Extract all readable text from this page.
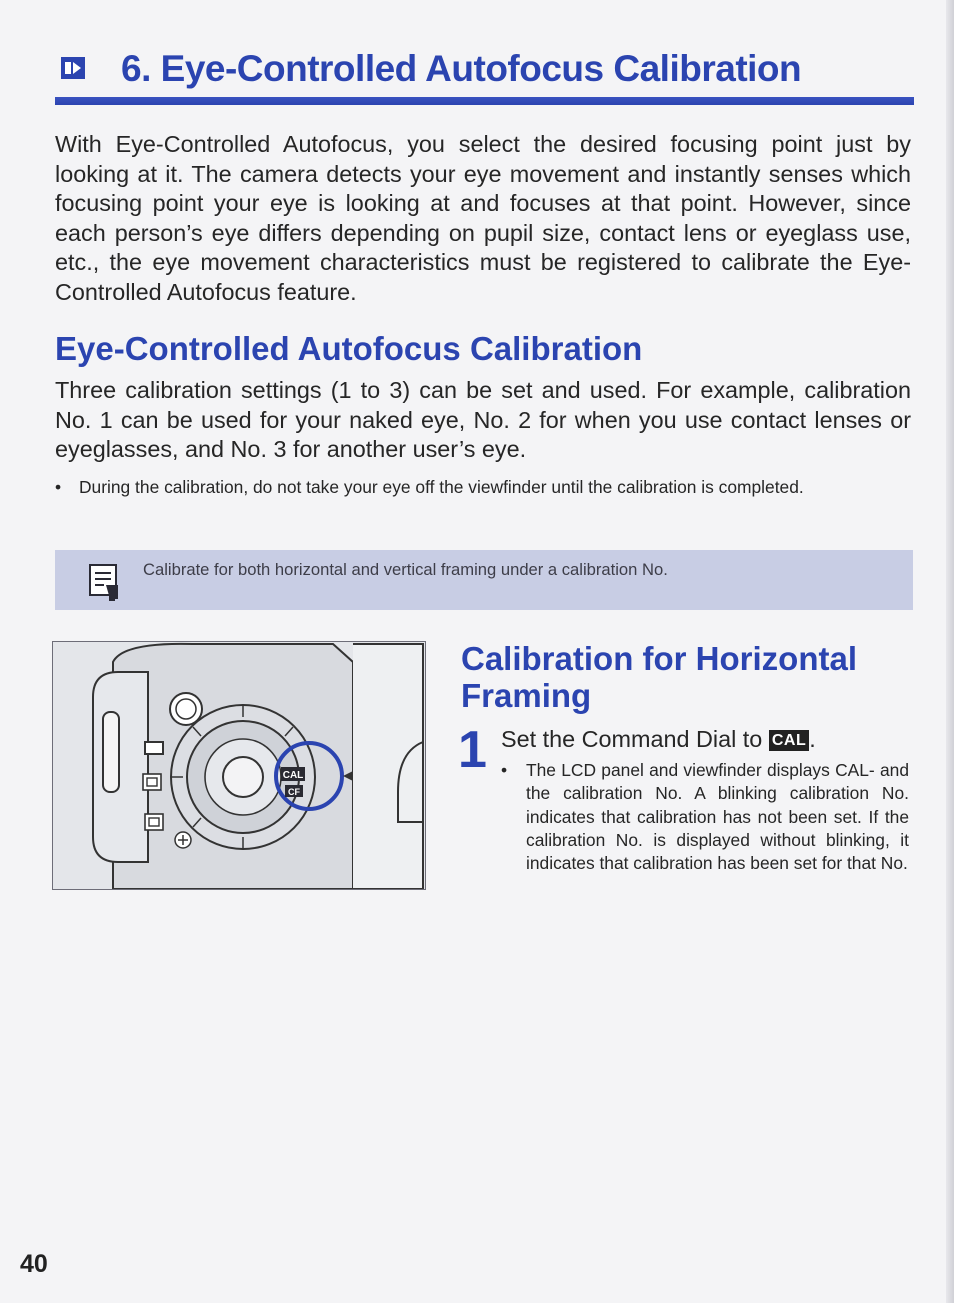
6. Eye-Controlled Autofocus Calibration

With Eye-Controlled Autofocus, you select the desired focusing point just by looking at it. The camera detects your eye movement and instantly senses which focusing point your eye is looking at and focuses at that point. However, since each person’s eye differs depending on pupil size, contact lens or eyeglass use, etc., the eye movement characteristics must be registered to calibrate the Eye-Controlled Autofocus feature.

Eye-Controlled Autofocus Calibration

Three calibration settings (1 to 3) can be set and used. For example, calibration No. 1 can be used for your naked eye, No. 2 for when you use contact lenses or eyeglasses, and No. 3 for another user’s eye.

• During the calibration, do not take your eye off the viewfinder until the calibration is completed.
Calibrate for both horizontal and vertical framing under a calibration No.
CAL
CF
Calibration for Horizontal Framing
1 Set the Command Dial to CAL .
• The LCD panel and viewfinder displays CAL- and the calibration No. A blinking calibration No. indicates that calibration has not been set. If the calibration No. is displayed without blinking, it indicates that calibration has been set for that No.
40
